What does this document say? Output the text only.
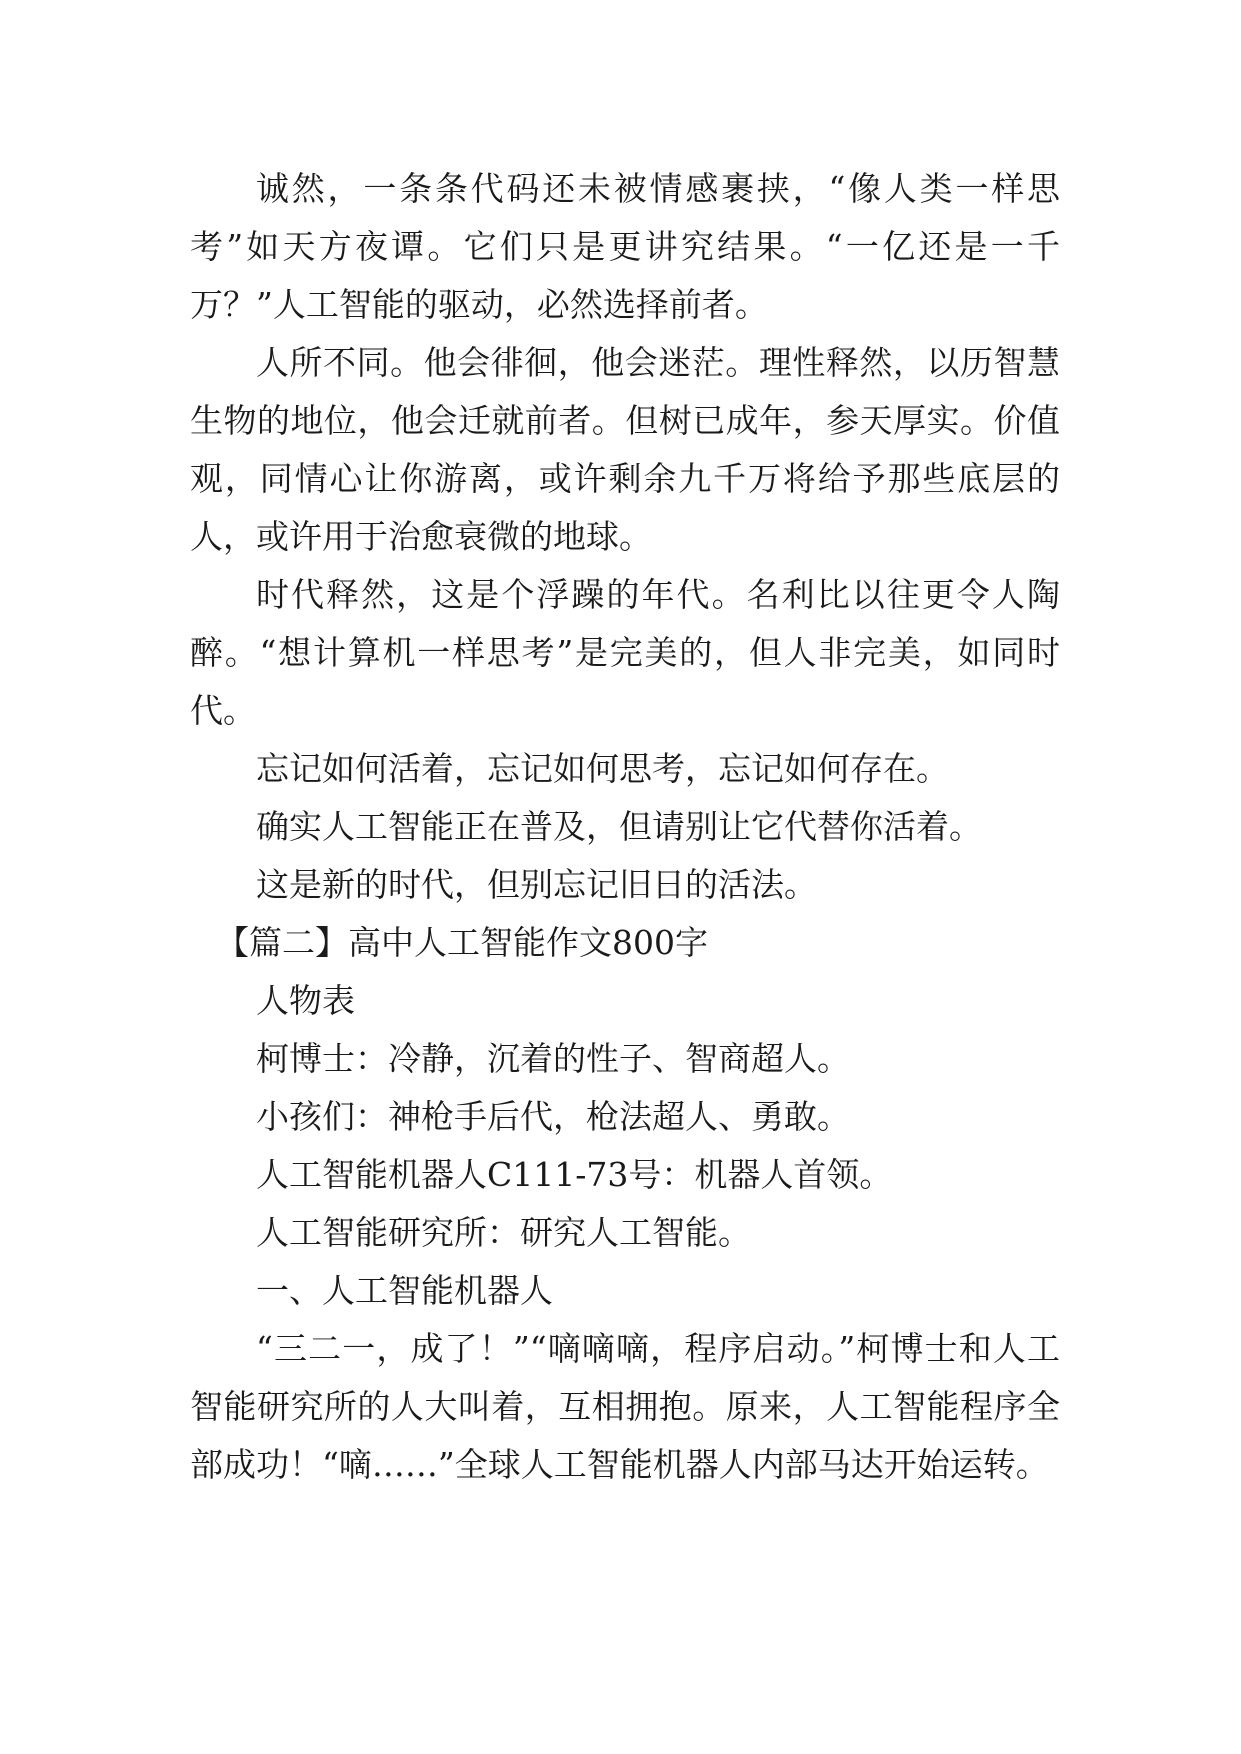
诚然，一条条代码还未被情感裹挟，“像人类一样思考”如天方夜谭。它们只是更讲究结果。“一亿还是一千万？”人工智能的驱动，必然选择前者。

人所不同。他会徘徊，他会迷茫。理性释然，以历智慧生物的地位，他会迁就前者。但树已成年，参天厚实。价值观，同情心让你游离，或许剩余九千万将给予那些底层的人，或许用于治愈衰微的地球。

时代释然，这是个浮躁的年代。名利比以往更令人陶醉。“想计算机一样思考”是完美的，但人非完美，如同时代。

忘记如何活着，忘记如何思考，忘记如何存在。

确实人工智能正在普及，但请别让它代替你活着。

这是新的时代，但别忘记旧日的活法。

【篇二】高中人工智能作文800字

人物表

柯博士：冷静，沉着的性子、智商超人。

小孩们：神枪手后代，枪法超人、勇敢。

人工智能机器人C111-73号：机器人首领。

人工智能研究所：研究人工智能。

一、人工智能机器人

“三二一，成了！”“嘀嘀嘀，程序启动。”柯博士和人工智能研究所的人大叫着，互相拥抱。原来，人工智能程序全部成功！“嘀……”全球人工智能机器人内部马达开始运转。
